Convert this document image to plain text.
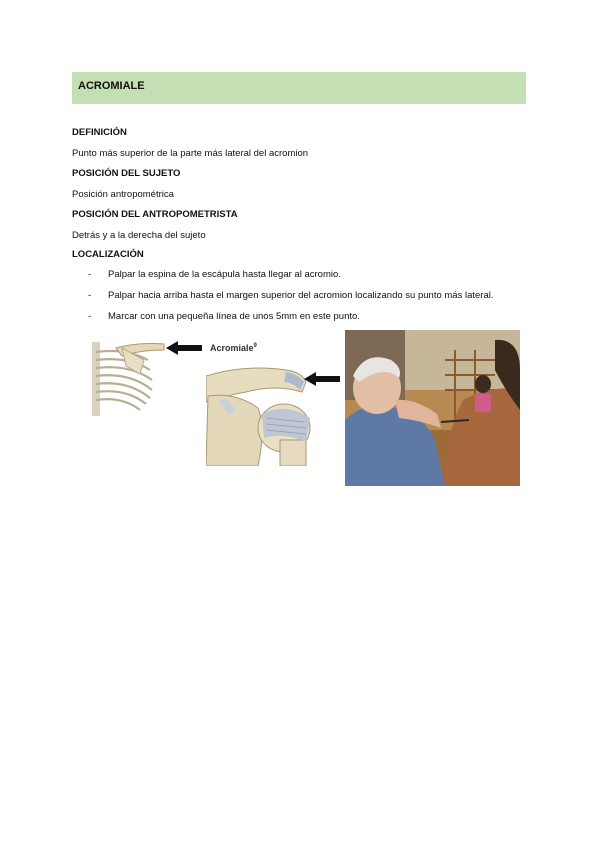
ACROMIALE
DEFINICIÓN
Punto más superior de la parte más lateral del acromion
POSICIÓN DEL SUJETO
Posición antropométrica
POSICIÓN DEL ANTROPOMETRISTA
Detrás y a la derecha del sujeto
LOCALIZACIÓN
- Palpar la espina de la escápula hasta llegar al acromio.
- Palpar hacia arriba hasta el margen superior del acromion localizando su punto más lateral.
- Marcar con una pequeña línea de unos 5mm en este punto.
Acromiale$^9$
